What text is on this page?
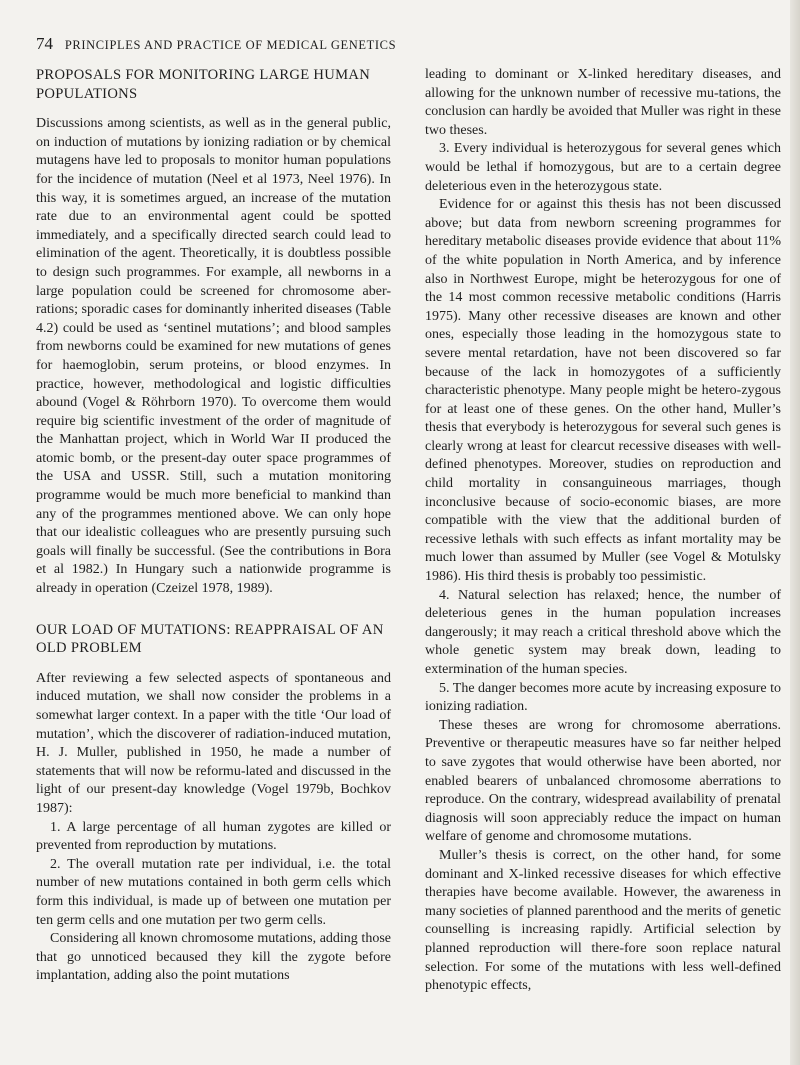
74 PRINCIPLES AND PRACTICE OF MEDICAL GENETICS
PROPOSALS FOR MONITORING LARGE HUMAN POPULATIONS

Discussions among scientists, as well as in the general public, on induction of mutations by ionizing radiation or by chemical mutagens have led to proposals to monitor human populations for the incidence of mutation (Neel et al 1973, Neel 1976). In this way, it is sometimes argued, an increase of the mutation rate due to an environmental agent could be spotted immediately, and a specifically directed search could lead to elimination of the agent. Theoretically, it is doubtless possible to design such programmes. For example, all newborns in a large population could be screened for chromosome aber-rations; sporadic cases for dominantly inherited diseases (Table 4.2) could be used as ‘sentinel mutations’; and blood samples from newborns could be examined for new mutations of genes for haemoglobin, serum proteins, or blood enzymes. In practice, however, methodological and logistic difficulties abound (Vogel & Röhrborn 1970). To overcome them would require big scientific investment of the order of magnitude of the Manhattan project, which in World War II produced the atomic bomb, or the present-day outer space programmes of the USA and USSR. Still, such a mutation monitoring programme would be much more beneficial to mankind than any of the programmes mentioned above. We can only hope that our idealistic colleagues who are presently pursuing such goals will finally be successful. (See the contributions in Bora et al 1982.) In Hungary such a nationwide programme is already in operation (Czeizel 1978, 1989).

OUR LOAD OF MUTATIONS: REAPPRAISAL OF AN OLD PROBLEM

After reviewing a few selected aspects of spontaneous and induced mutation, we shall now consider the problems in a somewhat larger context. In a paper with the title ‘Our load of mutation’, which the discoverer of radiation-induced mutation, H. J. Muller, published in 1950, he made a number of statements that will now be reformu-lated and discussed in the light of our present-day knowledge (Vogel 1979b, Bochkov 1987):

1. A large percentage of all human zygotes are killed or prevented from reproduction by mutations.

2. The overall mutation rate per individual, i.e. the total number of new mutations contained in both germ cells which form this individual, is made up of between one mutation per ten germ cells and one mutation per two germ cells.

Considering all known chromosome mutations, adding those that go unnoticed becaused they kill the zygote before implantation, adding also the point mutations

leading to dominant or X-linked hereditary diseases, and allowing for the unknown number of recessive mu-tations, the conclusion can hardly be avoided that Muller was right in these two theses.

3. Every individual is heterozygous for several genes which would be lethal if homozygous, but are to a certain degree deleterious even in the heterozygous state.

Evidence for or against this thesis has not been discussed above; but data from newborn screening programmes for hereditary metabolic diseases provide evidence that about 11% of the white population in North America, and by inference also in Northwest Europe, might be heterozygous for one of the 14 most common recessive metabolic conditions (Harris 1975). Many other recessive diseases are known and other ones, especially those leading in the homozygous state to severe mental retardation, have not been discovered so far because of the lack in homozygotes of a sufficiently characteristic phenotype. Many people might be hetero-zygous for at least one of these genes. On the other hand, Muller’s thesis that everybody is heterozygous for several such genes is clearly wrong at least for clearcut recessive diseases with well-defined phenotypes. Moreover, studies on reproduction and child mortality in consanguineous marriages, though inconclusive because of socio-economic biases, are more compatible with the view that the additional burden of recessive lethals with such effects as infant mortality may be much lower than assumed by Muller (see Vogel & Motulsky 1986). His third thesis is probably too pessimistic.

4. Natural selection has relaxed; hence, the number of deleterious genes in the human population increases dangerously; it may reach a critical threshold above which the whole genetic system may break down, leading to extermination of the human species.

5. The danger becomes more acute by increasing exposure to ionizing radiation.

These theses are wrong for chromosome aberrations. Preventive or therapeutic measures have so far neither helped to save zygotes that would otherwise have been aborted, nor enabled bearers of unbalanced chromosome aberrations to reproduce. On the contrary, widespread availability of prenatal diagnosis will soon appreciably reduce the impact on human welfare of genome and chromosome mutations.

Muller’s thesis is correct, on the other hand, for some dominant and X-linked recessive diseases for which effective therapies have become available. However, the awareness in many societies of planned parenthood and the merits of genetic counselling is increasing rapidly. Artificial selection by planned reproduction will there-fore soon replace natural selection. For some of the mutations with less well-defined phenotypic effects,
